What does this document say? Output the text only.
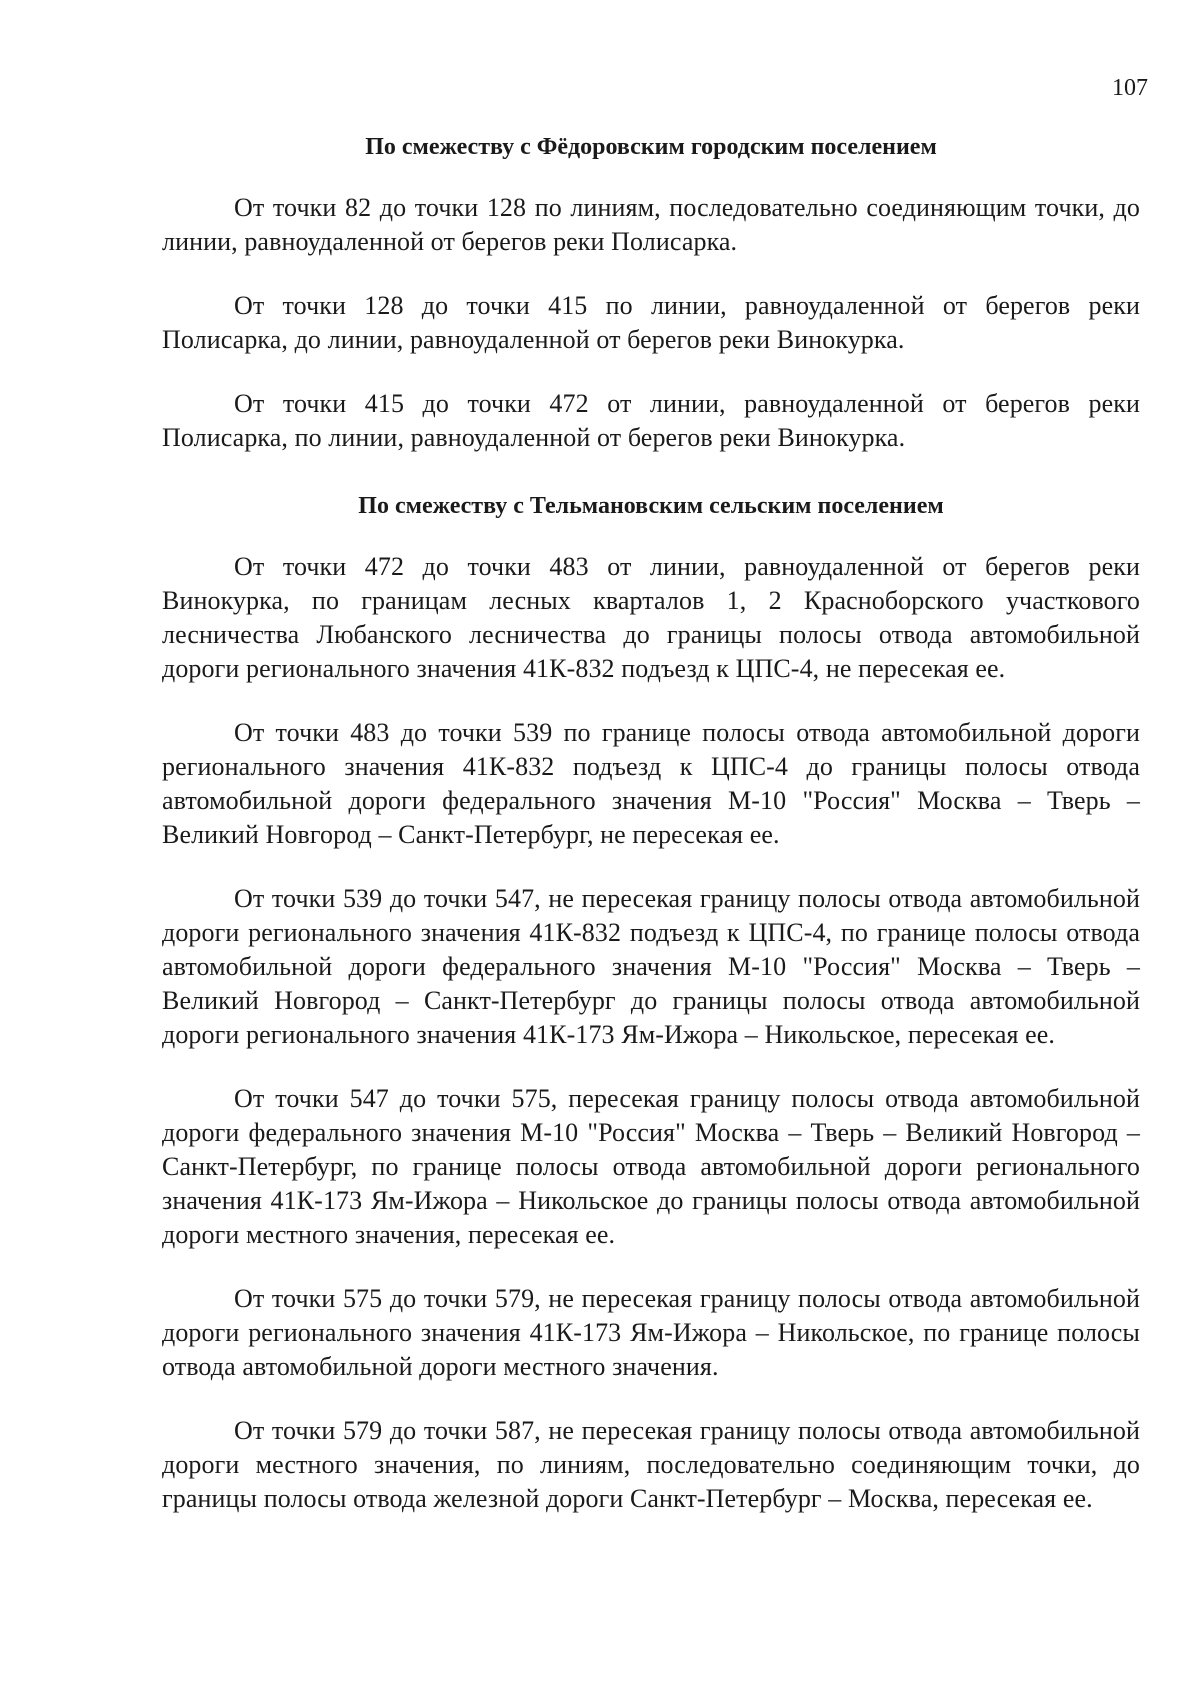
107
По смежеству с Фёдоровским городским поселением

От точки 82 до точки 128 по линиям, последовательно соединяющим точки, до линии, равноудаленной от берегов реки Полисарка.

От точки 128 до точки 415 по линии, равноудаленной от берегов реки Полисарка, до линии, равноудаленной от берегов реки Винокурка.

От точки 415 до точки 472 от линии, равноудаленной от берегов реки Полисарка, по линии, равноудаленной от берегов реки Винокурка.

По смежеству с Тельмановским сельским поселением

От точки 472 до точки 483 от линии, равноудаленной от берегов реки Винокурка, по границам лесных кварталов 1, 2 Красноборского участкового лесничества Любанского лесничества до границы полосы отвода автомобильной дороги регионального значения 41К-832 подъезд к ЦПС-4, не пересекая ее.

От точки 483 до точки 539 по границе полосы отвода автомобильной дороги регионального значения 41К-832 подъезд к ЦПС-4 до границы полосы отвода автомобильной дороги федерального значения М-10 "Россия" Москва – Тверь – Великий Новгород – Санкт-Петербург, не пересекая ее.

От точки 539 до точки 547, не пересекая границу полосы отвода автомобильной дороги регионального значения 41К-832 подъезд к ЦПС-4, по границе полосы отвода автомобильной дороги федерального значения М-10 "Россия" Москва – Тверь – Великий Новгород – Санкт-Петербург до границы полосы отвода автомобильной дороги регионального значения 41К-173 Ям-Ижора – Никольское, пересекая ее.

От точки 547 до точки 575, пересекая границу полосы отвода автомобильной дороги федерального значения М-10 "Россия" Москва – Тверь – Великий Новгород – Санкт-Петербург, по границе полосы отвода автомобильной дороги регионального значения 41К-173 Ям-Ижора – Никольское до границы полосы отвода автомобильной дороги местного значения, пересекая ее.

От точки 575 до точки 579, не пересекая границу полосы отвода автомобильной дороги регионального значения 41К-173 Ям-Ижора – Никольское, по границе полосы отвода автомобильной дороги местного значения.

От точки 579 до точки 587, не пересекая границу полосы отвода автомобильной дороги местного значения, по линиям, последовательно соединяющим точки, до границы полосы отвода железной дороги Санкт-Петербург – Москва, пересекая ее.
